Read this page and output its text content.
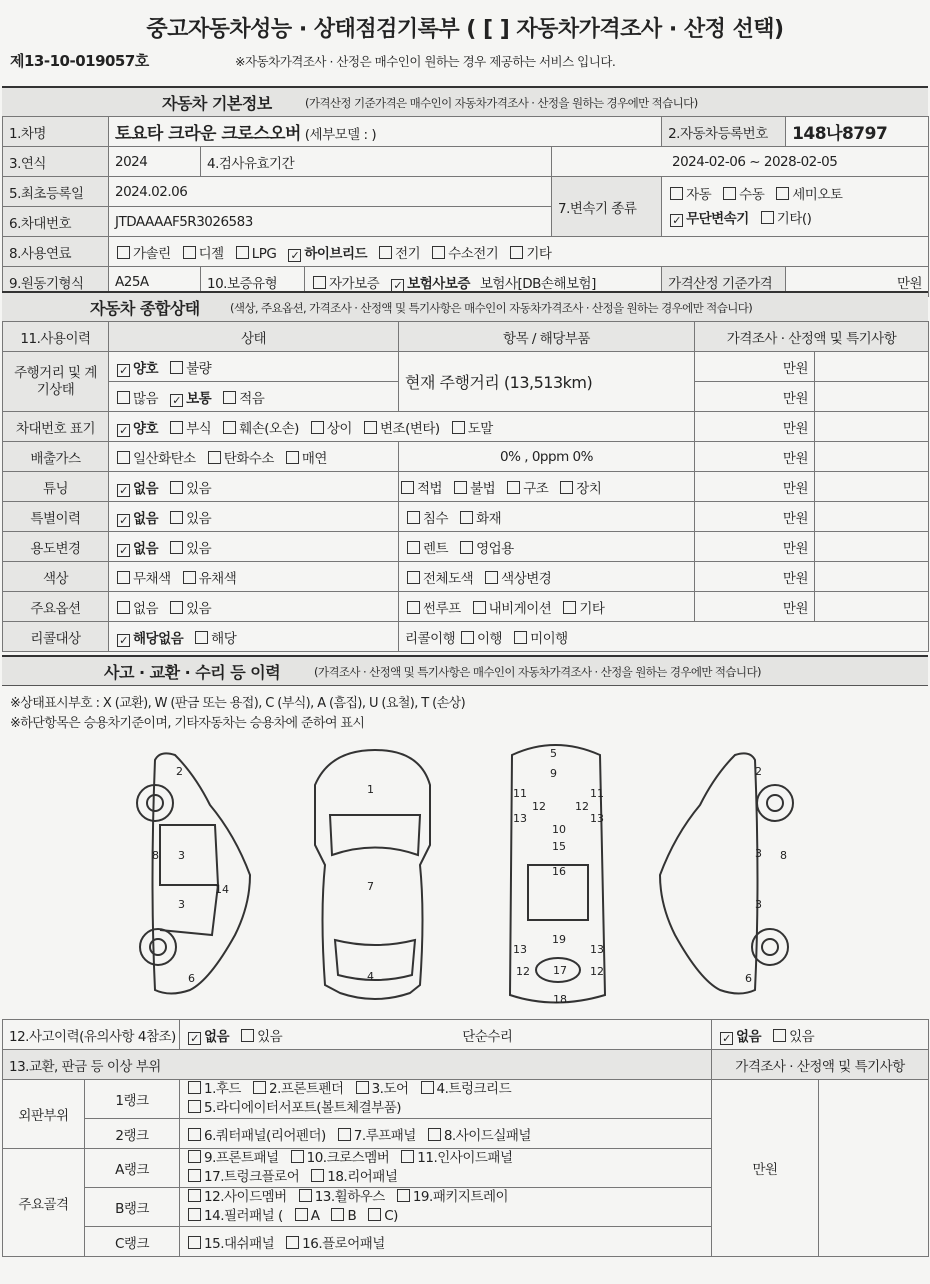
중고자동차성능 · 상태점검기록부 ( [ ] 자동차가격조사 · 산정 선택)
제13-10-019057호	※자동차가격조사 · 산정은 매수인이 원하는 경우 제공하는 서비스 입니다.
자동차 기본정보	(가격산정 기준가격은 매수인이 자동차가격조사 · 산정을 원하는 경우에만 적습니다)
1.차명	토요타 크라운 크로스오버 (세부모델 : )				2.자동차등록번호	148나8797
3.연식	2024	4.검사유효기간		2024-02-06 ~ 2028-02-05		
5.최초등록일	2024.02.06			7.변속기 종류	자동 수동 세미오토✓ 무단변속기 기타()	
6.차대번호	JTDAAAAF5R3026583					
8.사용연료	가솔린 디젤 LPG ✓ 하이브리드 전기 수소전기 기타					
9.원동기형식	A25A	10.보증유형	자가보증 ✓ 보험사보증 보험사[DB손해보험]		가격산정 기준가격	만원
자동차 종합상태	(색상, 주요옵션, 가격조사 · 산정액 및 특기사항은 매수인이 자동차가격조사 · 산정을 원하는 경우에만 적습니다)
11.사용이력	상태	항목 / 해당부품	가격조사 · 산정액 및 특기사항	
주행거리 및 계기상태	✓ 양호 불량	현재 주행거리 (13,513km)	만원	
	많음 ✓ 보통 적음		만원	
차대번호 표기	✓ 양호 부식 훼손(오손) 상이 변조(변타) 도말		만원	
배출가스	일산화탄소 탄화수소 매연	0% , 0ppm 0%	만원	
튜닝	✓ 없음 있음	적법 불법 구조 장치	만원	
특별이력	✓ 없음 있음	침수 화재	만원	
용도변경	✓ 없음 있음	렌트 영업용	만원	
색상	무채색 유채색	전체도색 색상변경	만원	
주요옵션	없음 있음	썬루프 내비게이션 기타	만원	
리콜대상	✓ 해당없음 해당	리콜이행 이행 미이행		
사고 · 교환 · 수리 등 이력	(가격조사 · 산정액 및 특기사항은 매수인이 자동차가격조사 · 산정을 원하는 경우에만 적습니다)
※상태표시부호 : X (교환), W (판금 또는 용접), C (부식), A (흠집), U (요철), T (손상)
※하단항목은 승용차기준이며, 기타자동차는 승용차에 준하여 표시
2
8 3
3
14
6
1
7
4
5
9
11
12	12
11
13	13
10
15
16
19
13	13
12	12
17
18
2
3
3
8
6
12.사고이력(유의사항 4참조)		✓ 없음 있음 단순수리	✓ 없음 있음	
13.교환, 판금 등 이상 부위			가격조사 · 산정액 및 특기사항	
외판부위	1랭크	1.후드 2.프론트펜더 3.도어 4.트렁크리드
5.라디에이터서포트(볼트체결부품)	만원	
	2랭크	6.쿼터패널(리어펜더) 7.루프패널 8.사이드실패널		
주요골격	A랭크	9.프론트패널 10.크로스멤버 11.인사이드패널
17.트렁크플로어 18.리어패널		

	B랭크	12.사이드멤버 13.휠하우스 19.패키지트레이
14.필러패널 ( A B C)		

	C랭크	15.대쉬패널 16.플로어패널		
